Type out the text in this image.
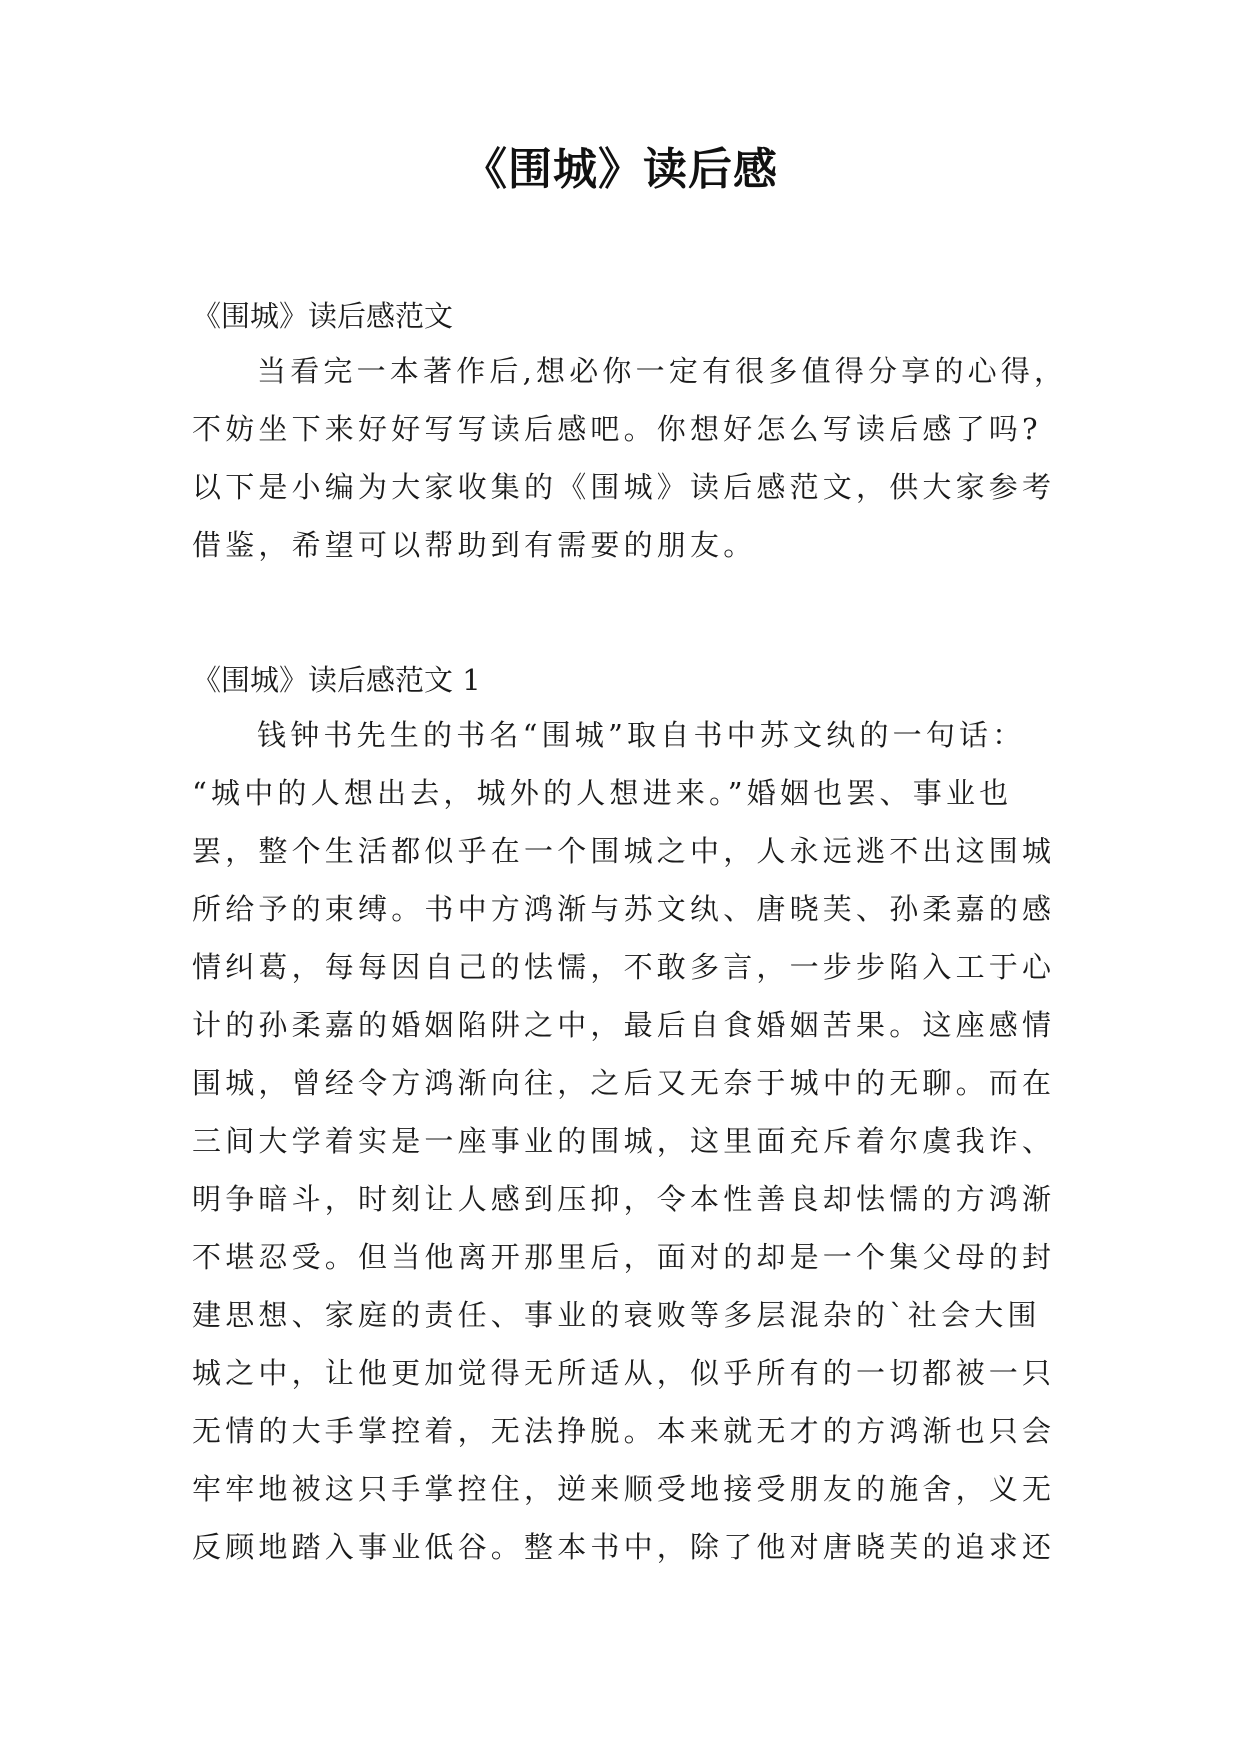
《围城》读后感

《围城》读后感范文

当看完一本著作后,想必你一定有很多值得分享的心得，

不妨坐下来好好写写读后感吧。你想好怎么写读后感了吗?

以下是小编为大家收集的《围城》读后感范文，供大家参考

借鉴，希望可以帮助到有需要的朋友。

《围城》读后感范文 1

钱钟书先生的书名“围城”取自书中苏文纨的一句话：

“城中的人想出去，城外的人想进来。”婚姻也罢、事业也

罢，整个生活都似乎在一个围城之中，人永远逃不出这围城

所给予的束缚。书中方鸿渐与苏文纨、唐晓芙、孙柔嘉的感

情纠葛，每每因自己的怯懦，不敢多言，一步步陷入工于心

计的孙柔嘉的婚姻陷阱之中，最后自食婚姻苦果。这座感情

围城，曾经令方鸿渐向往，之后又无奈于城中的无聊。而在

三间大学着实是一座事业的围城，这里面充斥着尔虞我诈、

明争暗斗，时刻让人感到压抑，令本性善良却怯懦的方鸿渐

不堪忍受。但当他离开那里后，面对的却是一个集父母的封

建思想、家庭的责任、事业的衰败等多层混杂的`社会大围

城之中，让他更加觉得无所适从，似乎所有的一切都被一只

无情的大手掌控着，无法挣脱。本来就无才的方鸿渐也只会

牢牢地被这只手掌控住，逆来顺受地接受朋友的施舍，义无

反顾地踏入事业低谷。整本书中，除了他对唐晓芙的追求还
